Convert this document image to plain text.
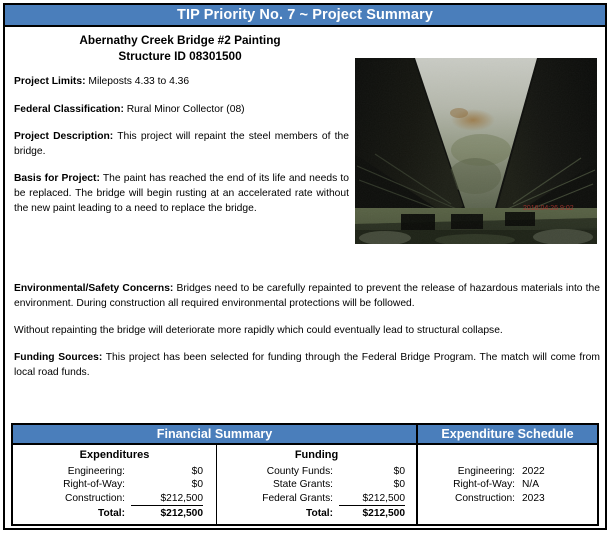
TIP Priority No. 7 ~ Project Summary
Abernathy Creek Bridge #2 Painting
Structure ID 08301500
2016:04:26 9:02

Project Limits: Mileposts 4.33 to 4.36

Federal Classification: Rural Minor Collector (08)

Project Description: This project will repaint the steel members of the bridge.

Basis for Project: The paint has reached the end of its life and needs to be replaced. The bridge will begin rusting at an accelerated rate without the new paint leading to a need to replace the bridge.

Environmental/Safety Concerns: Bridges need to be carefully repainted to prevent the release of hazardous materials into the environment. During construction all required environmental protections will be followed.

Without repainting the bridge will deteriorate more rapidly which could eventually lead to structural collapse.

Funding Sources: This project has been selected for funding through the Federal Bridge Program. The match will come from local road funds.

Financial Summary	Expenditure Schedule
Expenditures
Engineering:	$0
Right-of-Way:	$0
Construction:	$212,500
Total:	$212,500
Funding
County Funds:	$0
State Grants:	$0
Federal Grants:	$212,500
Total:	$212,500

Engineering: 2022
Right-of-Way: N/A
Construction: 2023
